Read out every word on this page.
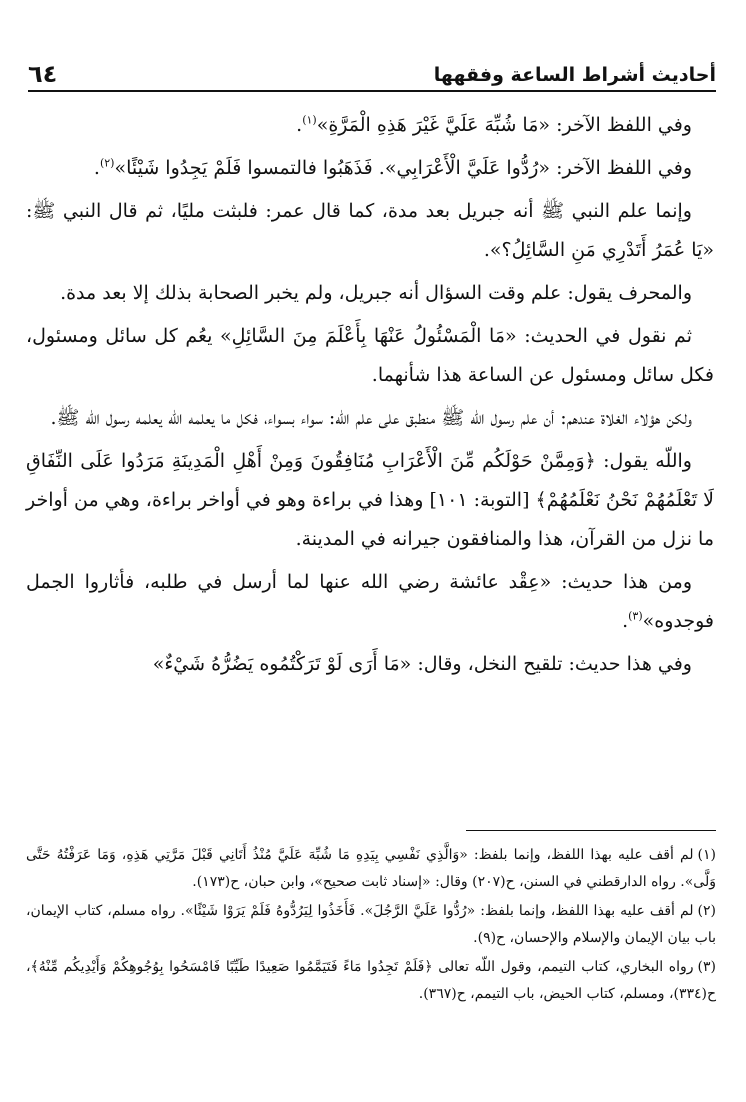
أحاديث أشراط الساعة وفقهها
٦٤

وفي اللفظ الآخر: «مَا شُبِّهَ عَلَيَّ غَيْرَ هَذِهِ الْمَرَّةِ»$^{(١)}$.

وفي اللفظ الآخر: «رُدُّوا عَلَيَّ الْأَعْرَابِي». فَذَهَبُوا فالتمسوا فَلَمْ يَجِدُوا شَيْئًا»$^{(٢)}$.

وإنما علم النبي ﷺ أنه جبريل بعد مدة، كما قال عمر: فلبثت مليًا، ثم قال النبي ﷺ: «يَا عُمَرُ أَتَدْرِي مَنِ السَّائِلُ؟».

والمحرف يقول: علم وقت السؤال أنه جبريل، ولم يخبر الصحابة بذلك إلا بعد مدة.

ثم نقول في الحديث: «مَا الْمَسْئُولُ عَنْهَا بِأَعْلَمَ مِنَ السَّائِلِ» يعُم كل سائل ومسئول، فكل سائل ومسئول عن الساعة هذا شأنهما.

ولكن هؤلاء الغلاة عندهم: أن علم رسول اللّه ﷺ منطبق على علم اللّه: سواء بسواء، فكل ما يعلمه اللّه يعلمه رسول اللّه ﷺ.

واللّه يقول: ﴿وَمِمَّنْ حَوْلَكُم مِّنَ الْأَعْرَابِ مُنَافِقُونَ وَمِنْ أَهْلِ الْمَدِينَةِ مَرَدُوا عَلَى النِّفَاقِ لَا تَعْلَمُهُمْ نَحْنُ نَعْلَمُهُمْ﴾ [التوبة: ١٠١] وهذا في براءة وهو في أواخر براءة، وهي من أواخر ما نزل من القرآن، هذا والمنافقون جيرانه في المدينة.

ومن هذا حديث: «عِقْد عائشة رضي الله عنها لما أرسل في طلبه، فأثاروا الجمل فوجدوه»$^{(٣)}$.

وفي هذا حديث: تلقيح النخل، وقال: «مَا أَرَى لَوْ تَرَكْتُمُوه يَضُرُّهُ شَيْءٌ»

(١)لم أقف عليه بهذا اللفظ، وإنما بلفظ: «وَالَّذِي نَفْسِي بِيَدِهِ مَا شُبِّهَ عَلَيَّ مُنْذُ أَتَانِي قَبْلَ مَرَّتِي هَذِهِ، وَمَا عَرَفْتُهُ حَتَّى وَلَّى». رواه الدارقطني في السنن، ح(٢٠٧) وقال: «إسناد ثابت صحيح»، وابن حبان، ح(١٧٣).

(٢)لم أقف عليه بهذا اللفظ، وإنما بلفظ: «رُدُّوا عَلَيَّ الرَّجُلَ». فَأَخَذُوا لِيَرُدُّوهُ فَلَمْ يَرَوْا شَيْئًا». رواه مسلم، كتاب الإيمان، باب بيان الإيمان والإسلام والإحسان، ح(٩).

(٣)رواه البخاري، كتاب التيمم، وقول اللّه تعالى ﴿فَلَمْ تَجِدُوا مَاءً فَتَيَمَّمُوا صَعِيدًا طَيِّبًا فَامْسَحُوا بِوُجُوهِكُمْ وَأَيْدِيكُم مِّنْهُ﴾، ح(٣٣٤)، ومسلم، كتاب الحيض، باب التيمم، ح(٣٦٧).
